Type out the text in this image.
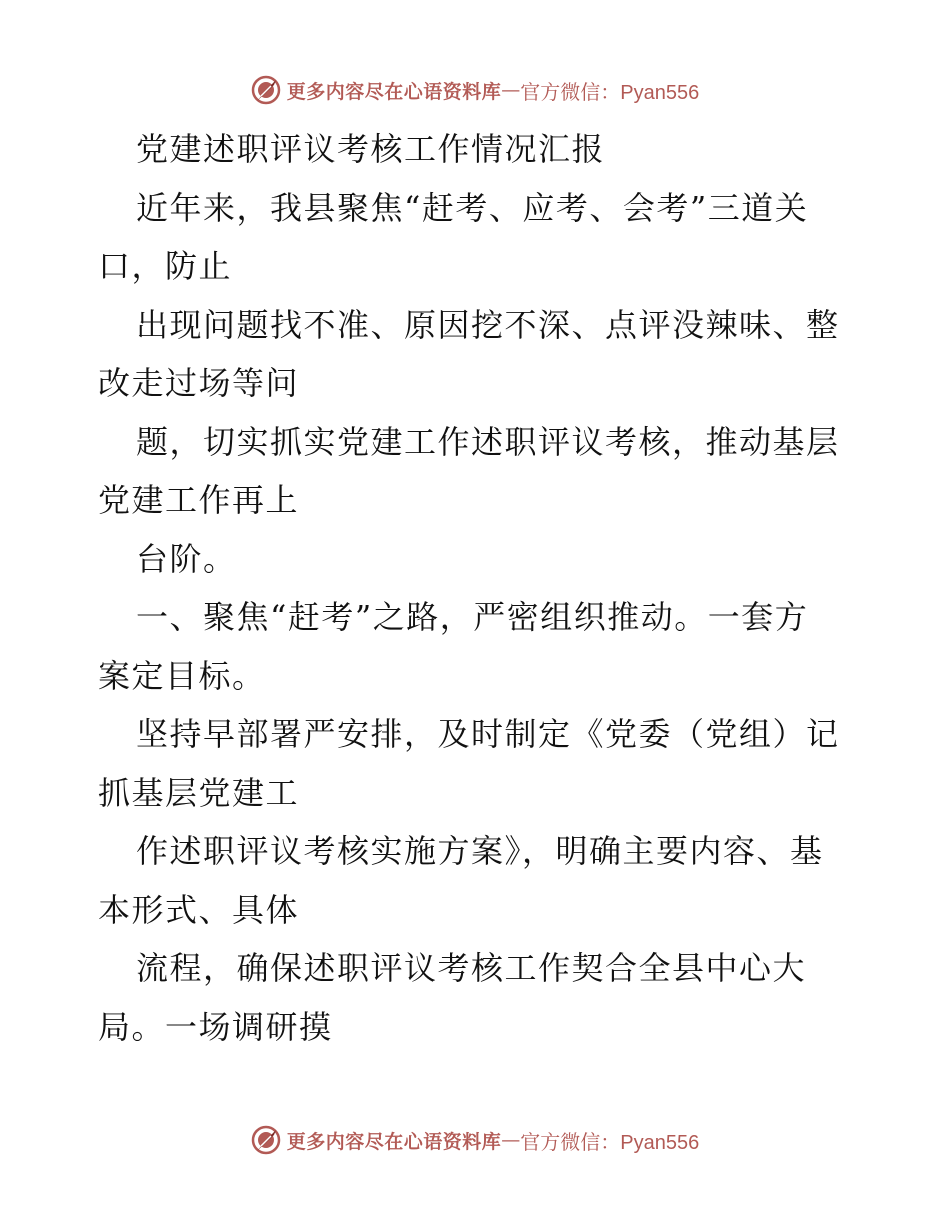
更多内容尽在心语资料库 — 官方微信：Pyan556
党建述职评议考核工作情况汇报
近年来，我县聚焦“赶考、应考、会考”三道关
口，防止
出现问题找不准、原因挖不深、点评没辣味、整
改走过场等问
题，切实抓实党建工作述职评议考核，推动基层
党建工作再上
台阶。
一、聚焦“赶考”之路，严密组织推动。一套方
案定目标。
坚持早部署严安排，及时制定《党委（党组）记
抓基层党建工
作述职评议考核实施方案》，明确主要内容、基
本形式、具体
流程，确保述职评议考核工作契合全县中心大
局。一场调研摸
更多内容尽在心语资料库 — 官方微信：Pyan556
